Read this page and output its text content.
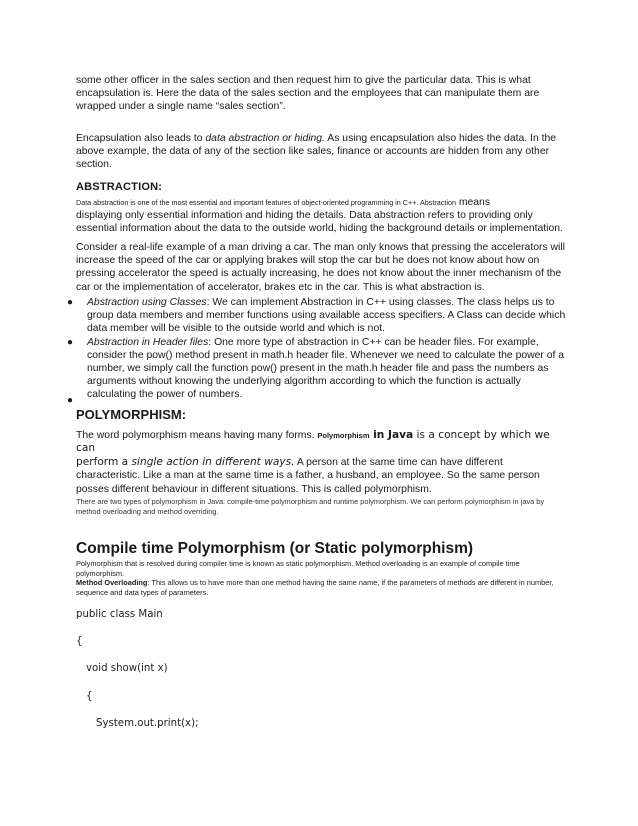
some other officer in the sales section and then request him to give the particular data. This is what encapsulation is. Here the data of the sales section and the employees that can manipulate them are wrapped under a single name “sales section”.

Encapsulation also leads to data abstraction or hiding. As using encapsulation also hides the data. In the above example, the data of any of the section like sales, finance or accounts are hidden from any other section.

ABSTRACTION:

Data abstraction is one of the most essential and important features of object-oriented programming in C++. Abstraction means
displaying only essential information and hiding the details. Data abstraction refers to providing only essential information about the data to the outside world, hiding the background details or implementation.

Consider a real-life example of a man driving a car. The man only knows that pressing the accelerators will increase the speed of the car or applying brakes will stop the car but he does not know about how on pressing accelerator the speed is actually increasing, he does not know about the inner mechanism of the car or the implementation of accelerator, brakes etc in the car. This is what abstraction is.

● Abstraction using Classes: We can implement Abstraction in C++ using classes. The class helps us to group data members and member functions using available access specifiers. A Class can decide which data member will be visible to the outside world and which is not.
● Abstraction in Header files: One more type of abstraction in C++ can be header files. For example, consider the pow() method present in math.h header file. Whenever we need to calculate the power of a number, we simply call the function pow() present in the math.h header file and pass the numbers as arguments without knowing the underlying algorithm according to which the function is actually calculating the power of numbers.
●
POLYMORPHISM:

The word polymorphism means having many forms. Polymorphism in Java is a concept by which we can
perform a single action in different ways. A person at the same time can have different characteristic. Like a man at the same time is a father, a husband, an employee. So the same person posses different behaviour in different situations. This is called polymorphism.

There are two types of polymorphism in Java: compile-time polymorphism and runtime polymorphism. We can perform polymorphism in java by method overloading and method overriding.

Compile time Polymorphism (or Static polymorphism)

Polymorphism that is resolved during compiler time is known as static polymorphism. Method overloading is an example of compile time polymorphism.

Method Overloading: This allows us to have more than one method having the same name, if the parameters of methods are different in number, sequence and data types of parameters.

public class Main
{
void show(int x)
{
System.out.print(x);
